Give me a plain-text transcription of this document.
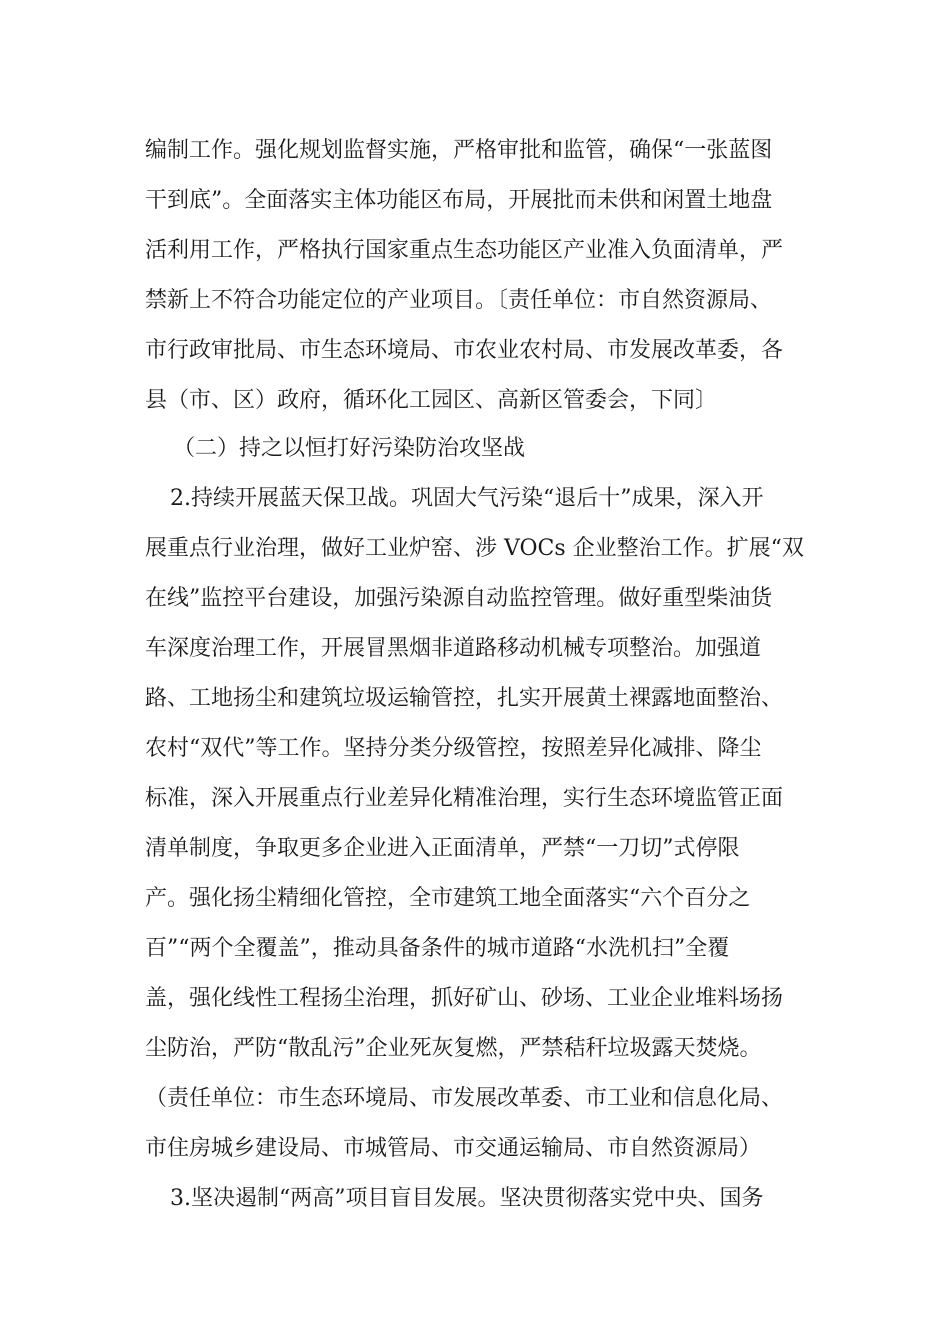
编制工作。强化规划监督实施，严格审批和监管，确保“一张蓝图
干到底”。全面落实主体功能区布局，开展批而未供和闲置土地盘
活利用工作，严格执行国家重点生态功能区产业准入负面清单，严
禁新上不符合功能定位的产业项目。〔责任单位：市自然资源局、
市行政审批局、市生态环境局、市农业农村局、市发展改革委，各
县（市、区）政府，循环化工园区、高新区管委会，下同〕
（二）持之以恒打好污染防治攻坚战
2.持续开展蓝天保卫战。巩固大气污染“退后十”成果，深入开
展重点行业治理，做好工业炉窑、涉 VOCs 企业整治工作。扩展“双
在线”监控平台建设，加强污染源自动监控管理。做好重型柴油货
车深度治理工作，开展冒黑烟非道路移动机械专项整治。加强道
路、工地扬尘和建筑垃圾运输管控，扎实开展黄土裸露地面整治、
农村“双代”等工作。坚持分类分级管控，按照差异化减排、降尘
标准，深入开展重点行业差异化精准治理，实行生态环境监管正面
清单制度，争取更多企业进入正面清单，严禁“一刀切”式停限
产。强化扬尘精细化管控，全市建筑工地全面落实“六个百分之
百”“两个全覆盖”，推动具备条件的城市道路“水洗机扫”全覆
盖，强化线性工程扬尘治理，抓好矿山、砂场、工业企业堆料场扬
尘防治，严防“散乱污”企业死灰复燃，严禁秸秆垃圾露天焚烧。
（责任单位：市生态环境局、市发展改革委、市工业和信息化局、
市住房城乡建设局、市城管局、市交通运输局、市自然资源局）
3.坚决遏制“两高”项目盲目发展。坚决贯彻落实党中央、国务
